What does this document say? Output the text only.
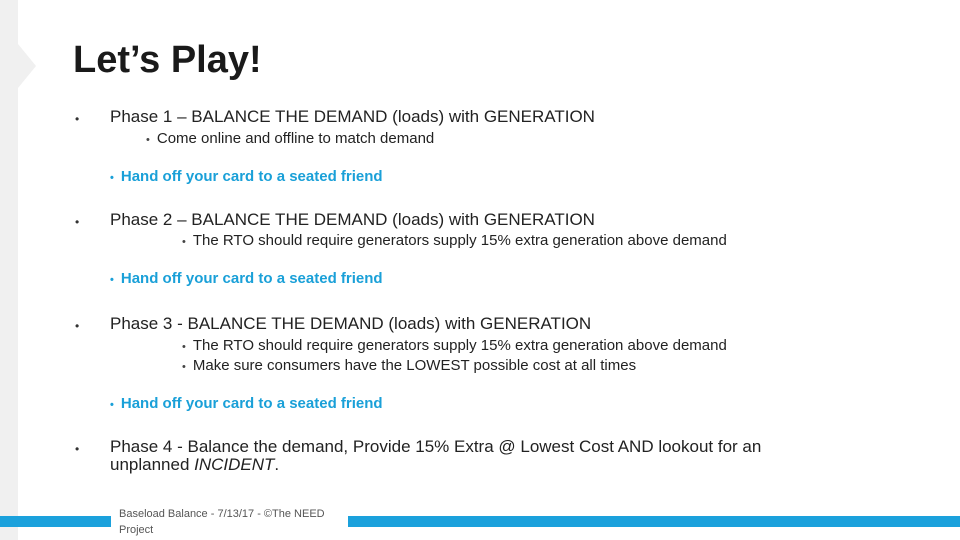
Let’s Play!
• Phase 1 – BALANCE THE DEMAND (loads) with GENERATION
• Come online and offline to match demand
• Hand off your card to a seated friend
• Phase 2 – BALANCE THE DEMAND (loads) with GENERATION
• The RTO should require generators supply 15% extra generation above demand
• Hand off your card to a seated friend
• Phase 3 - BALANCE THE DEMAND (loads) with GENERATION
• The RTO should require generators supply 15% extra generation above demand
• Make sure consumers have the LOWEST possible cost at all times
• Hand off your card to a seated friend
• Phase 4 - Balance the demand, Provide 15% Extra @ Lowest Cost AND lookout for an
unplanned INCIDENT.
Baseload Balance - 7/13/17 - ©The NEED Project
